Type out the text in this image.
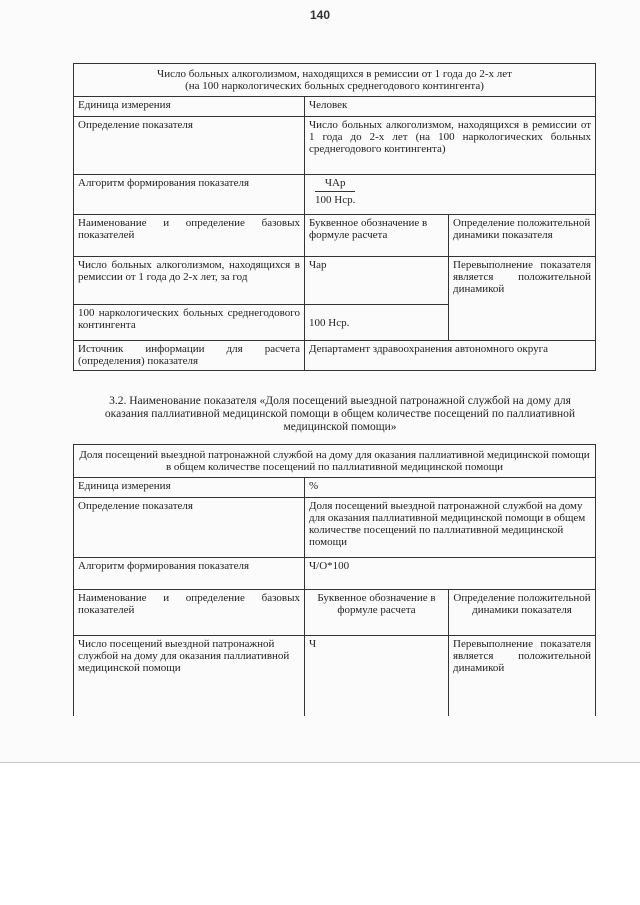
140
Число больных алкоголизмом, находящихся в ремиссии от 1 года до 2-х лет
(на 100 наркологических больных среднегодового контингента)		

Единица измерения	Человек	
Определение показателя	Число больных алкоголизмом, находящихся в ремиссии от 1 года до 2-х лет (на 100 наркологических больных среднегодового контингента)	
Алгоритм формирования показателя	$\frac{\text{ЧАр}}{\text{100 Нср.}}$

Наименование и определение базовых показателей	Буквенное обозначение в формуле расчета	Определение положительной динамики показателя
Число больных алкоголизмом, находящихся в ремиссии от 1 года до 2-х лет, за год	Чар	Перевыполнение показателя является положительной динамикой
100 наркологических больных среднегодового контингента	100 Нср.	
Источник информации для расчета (определения) показателя	Департамент здравоохранения автономного округа	
3.2. Наименование показателя «Доля посещений выездной патронажной службой на дому для оказания паллиативной медицинской помощи в общем количестве посещений по паллиативной медицинской помощи»
Доля посещений выездной патронажной службой на дому для оказания паллиативной медицинской помощи в общем количестве посещений по паллиативной медицинской помощи		
Единица измерения	%	
Определение показателя	Доля посещений выездной патронажной службой на дому для оказания паллиативной медицинской помощи в общем количестве посещений по паллиативной медицинской помощи	
Алгоритм формирования показателя	Ч/О*100	
Наименование и определение базовых показателей	Буквенное обозначение в формуле расчета	Определение положительной динамики показателя
Число посещений выездной патронажной службой на дому для оказания паллиативной медицинской помощи	Ч	Перевыполнение показателя является положительной динамикой
